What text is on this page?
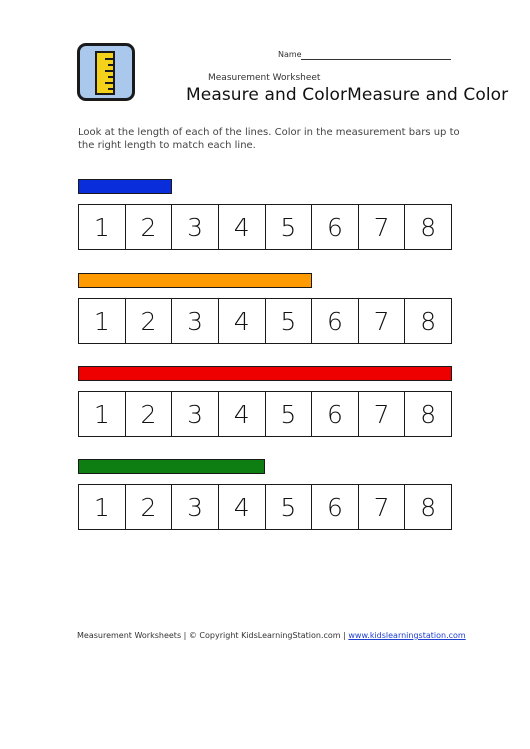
Name
Measurement Worksheet
Measure and ColorMeasure and Color
Look at the length of each of the lines. Color in the measurement bars up to the right length to match each line.
1	2	3	4	5	6	7	8
1	2	3	4	5	6	7	8
1	2	3	4	5	6	7	8
1	2	3	4	5	6	7	8
Measurement Worksheets | © Copyright KidsLearningStation.com | www.kidslearningstation.com
